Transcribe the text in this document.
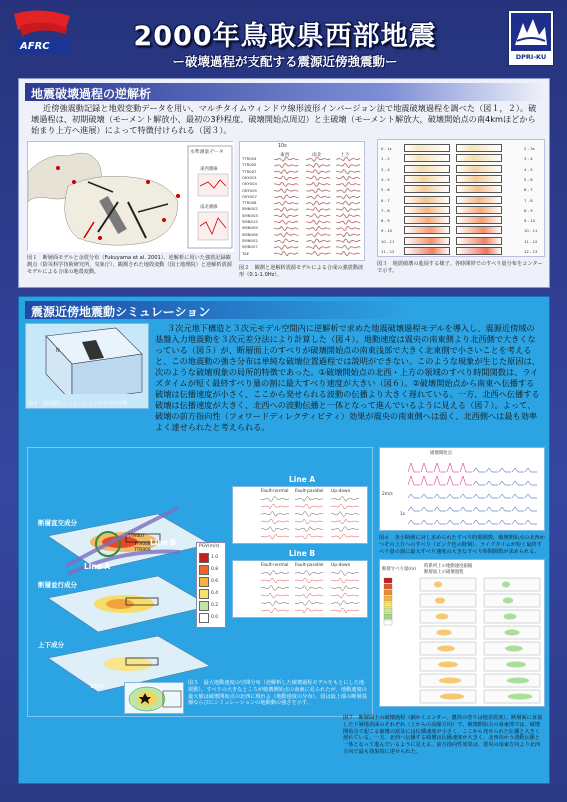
AFRC	2000年鳥取県西部地震
ー破壊過程が支配する震源近傍強震動ー	DPRI-KU
地震破壊過程の逆解析
近傍強震動記録と地殻変動データを用い、マルチタイムウィンドウ線形波形インバージョン法で地震破壊過程を調べた（図１，２）。破壊過程は、初期破壊（モーメント解放小、最初の3秒程度、破壊開始点周辺）と主破壊（モーメント解放大，破壊開始点の南4kmほどから始まり上方へ進展）によって特徴付けられる（図３）。
水準測量データ
東西測線
南北測線
図１　断層面モデルと余震分布（Fukuyama et al. 2001）、逆解析に用いた強震記録観測点（防災科学技術研究所，気象庁）、観測された地殻変動（国土地理院）と逆解析震源モデルによる合成の地殻変動。
10s
東西	南北	上下
TTR004
TTR005
TTR007
OKY001
OKY004
OKY005
OKY007
TTR008
SMN002
SMN003
SMN015
SMN009
SMN006
SMN002
SMN007
TAE
図２　観測と逆解析震源モデルによる合成の強震動波形（0.1-1.0Hz）。
0 - 1s	2 - 3s
1 - 2	3 - 4
3 - 4	4 - 5
4 - 5	5 - 6
5 - 6	6 - 7
6 - 7	7 - 8
7 - 8	8 - 9
8 - 9	9 - 10
9 - 10	10 - 11
10 - 11	11 - 12
11 - 12	12 - 13
図３　地震破壊の進展する様子。各時間帯でのすべり量分布をコンターで示す。
震源近傍地震動シミュレーション
N
図４　地震動シミュレーションのモデル空間
３次元地下構造と３次元モデル空間内に逆解析で求めた地震破壊過程モデルを導入し、震源近傍域の基盤入力地震動を３次元差分法により計算した（図４）。地動速度は震央の南東側より北西側で大きくなっている（図５）が、断層面上のすべりが破壊開始点の南東浅部で大きく北東側で小さいことを考えると、この地震動の強さ分布は単純な破壊位置過程では説明ができない。このような現象が生じた原因は、次のような破壊現象の局所的特徴であった。①破壊開始点の北西・上方の領域のすべり時間関数は、ライズタイムが短く最終すべり量の割に最大すべり速度が大きい（図６）。②破壊開始点から南東へ伝播する破壊は伝播速度が小さく、ここから発せられる波動の伝播より大きく遅れている。一方、北西へ伝播する破壊は伝播速度が大きく、北西への波動伝播と一体となって進んでいるように見える（図７）。よって、破壊の前方指向性（フォワードディレクティビティ）効果が震央の南東側へは弱く、北西側へは最も効率よく達せられたと考えられる。
断層直交成分
断層並行成分
上下成分
Line A
Line B
TTR007
TTR008
TTR009
Line A
Fault-normal Fault-parallel Up-down
Line B
Fault-normal Fault-parallel Up-down
PGV(m/s)
1.0
0.8
0.6
0.4
0.2
0.0
10km
図５　最大地動速度の空間分布（逆解析した破壊過程モデルをもとにした地震動）。すべりの大きなところが破壊開始点の南東に見られたが、地動速度の最大値は破壊開始点の北西に現れる（地動速度の分布）。図は最上端の断層基盤ならびにシミュレーションの地動動の強さを示す。
破壊開始点
2m/s
1s
図６　各小断層に対し求められたすべり時間関数。破壊開始点の北西かつその上方へのすべり（ピンク色の時刻）、ライズタイムが短く最終すべり量の割に最大すべり速度の大きなすべり時間関数が求められる。
時系列上の地動速度振幅
断層面上の破壊過程
断層すべり量(m)
図７　断層面上の破壊過程（細かくコンター、濃淡の塗りは地表震度）。断層面に直接した下層地表面のそれぞれ（上からの流線方向）で、破壊開始点の南東部では、破壊開始点で起こる破壊の波及には伝播速度が小さく、ここから発せられた伝播と大きく遅れている。一方、北西へ伝播する破壊は伝播速度が大きく、北西向かう波動伝播と一体となって進んでいるように見える。前方指向性効果は、震央の南東方向より北西方向で最も効果的に達せられた。
